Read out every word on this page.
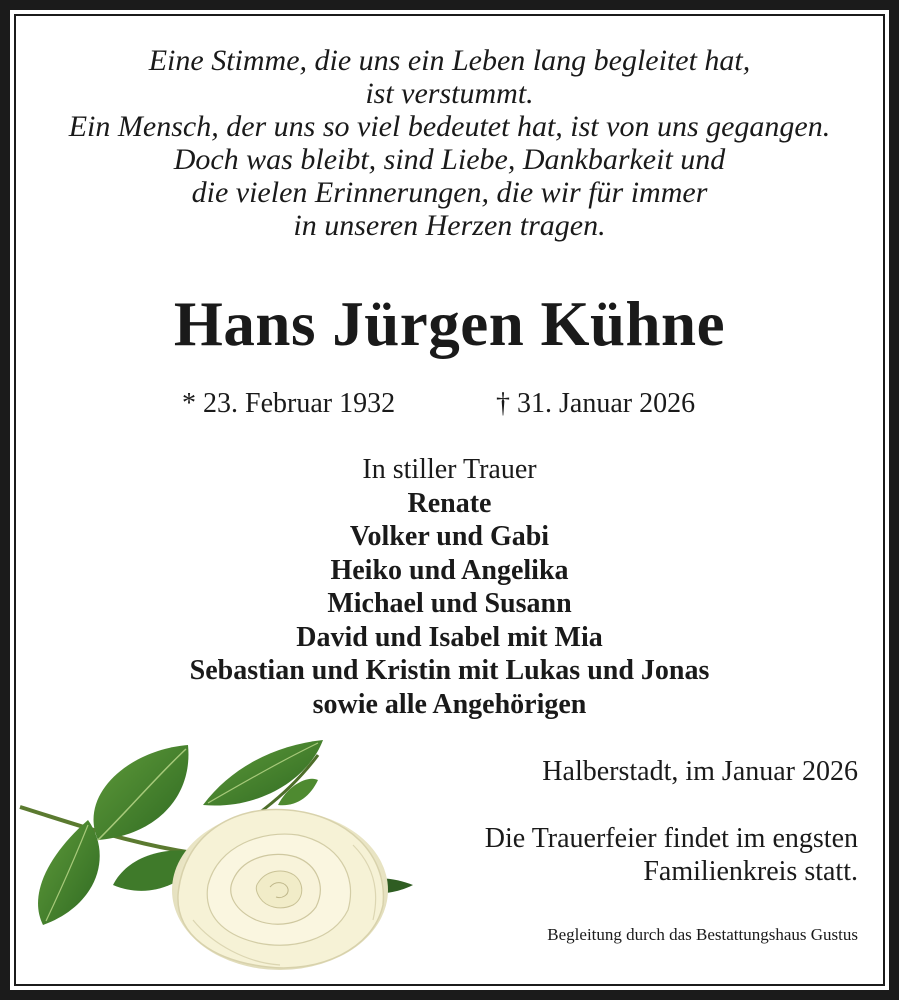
Eine Stimme, die uns ein Leben lang begleitet hat,
ist verstummt.
Ein Mensch, der uns so viel bedeutet hat, ist von uns gegangen.
Doch was bleibt, sind Liebe, Dankbarkeit und
die vielen Erinnerungen, die wir für immer
in unseren Herzen tragen.
Hans Jürgen Kühne
* 23. Februar 1932	† 31. Januar 2026
In stiller Trauer
Renate
Volker und Gabi
Heiko und Angelika
Michael und Susann
David und Isabel mit Mia
Sebastian und Kristin mit Lukas und Jonas
sowie alle Angehörigen
Halberstadt, im Januar 2026
Die Trauerfeier findet im engsten
Familienkreis statt.
Begleitung durch das Bestattungshaus Gustus
